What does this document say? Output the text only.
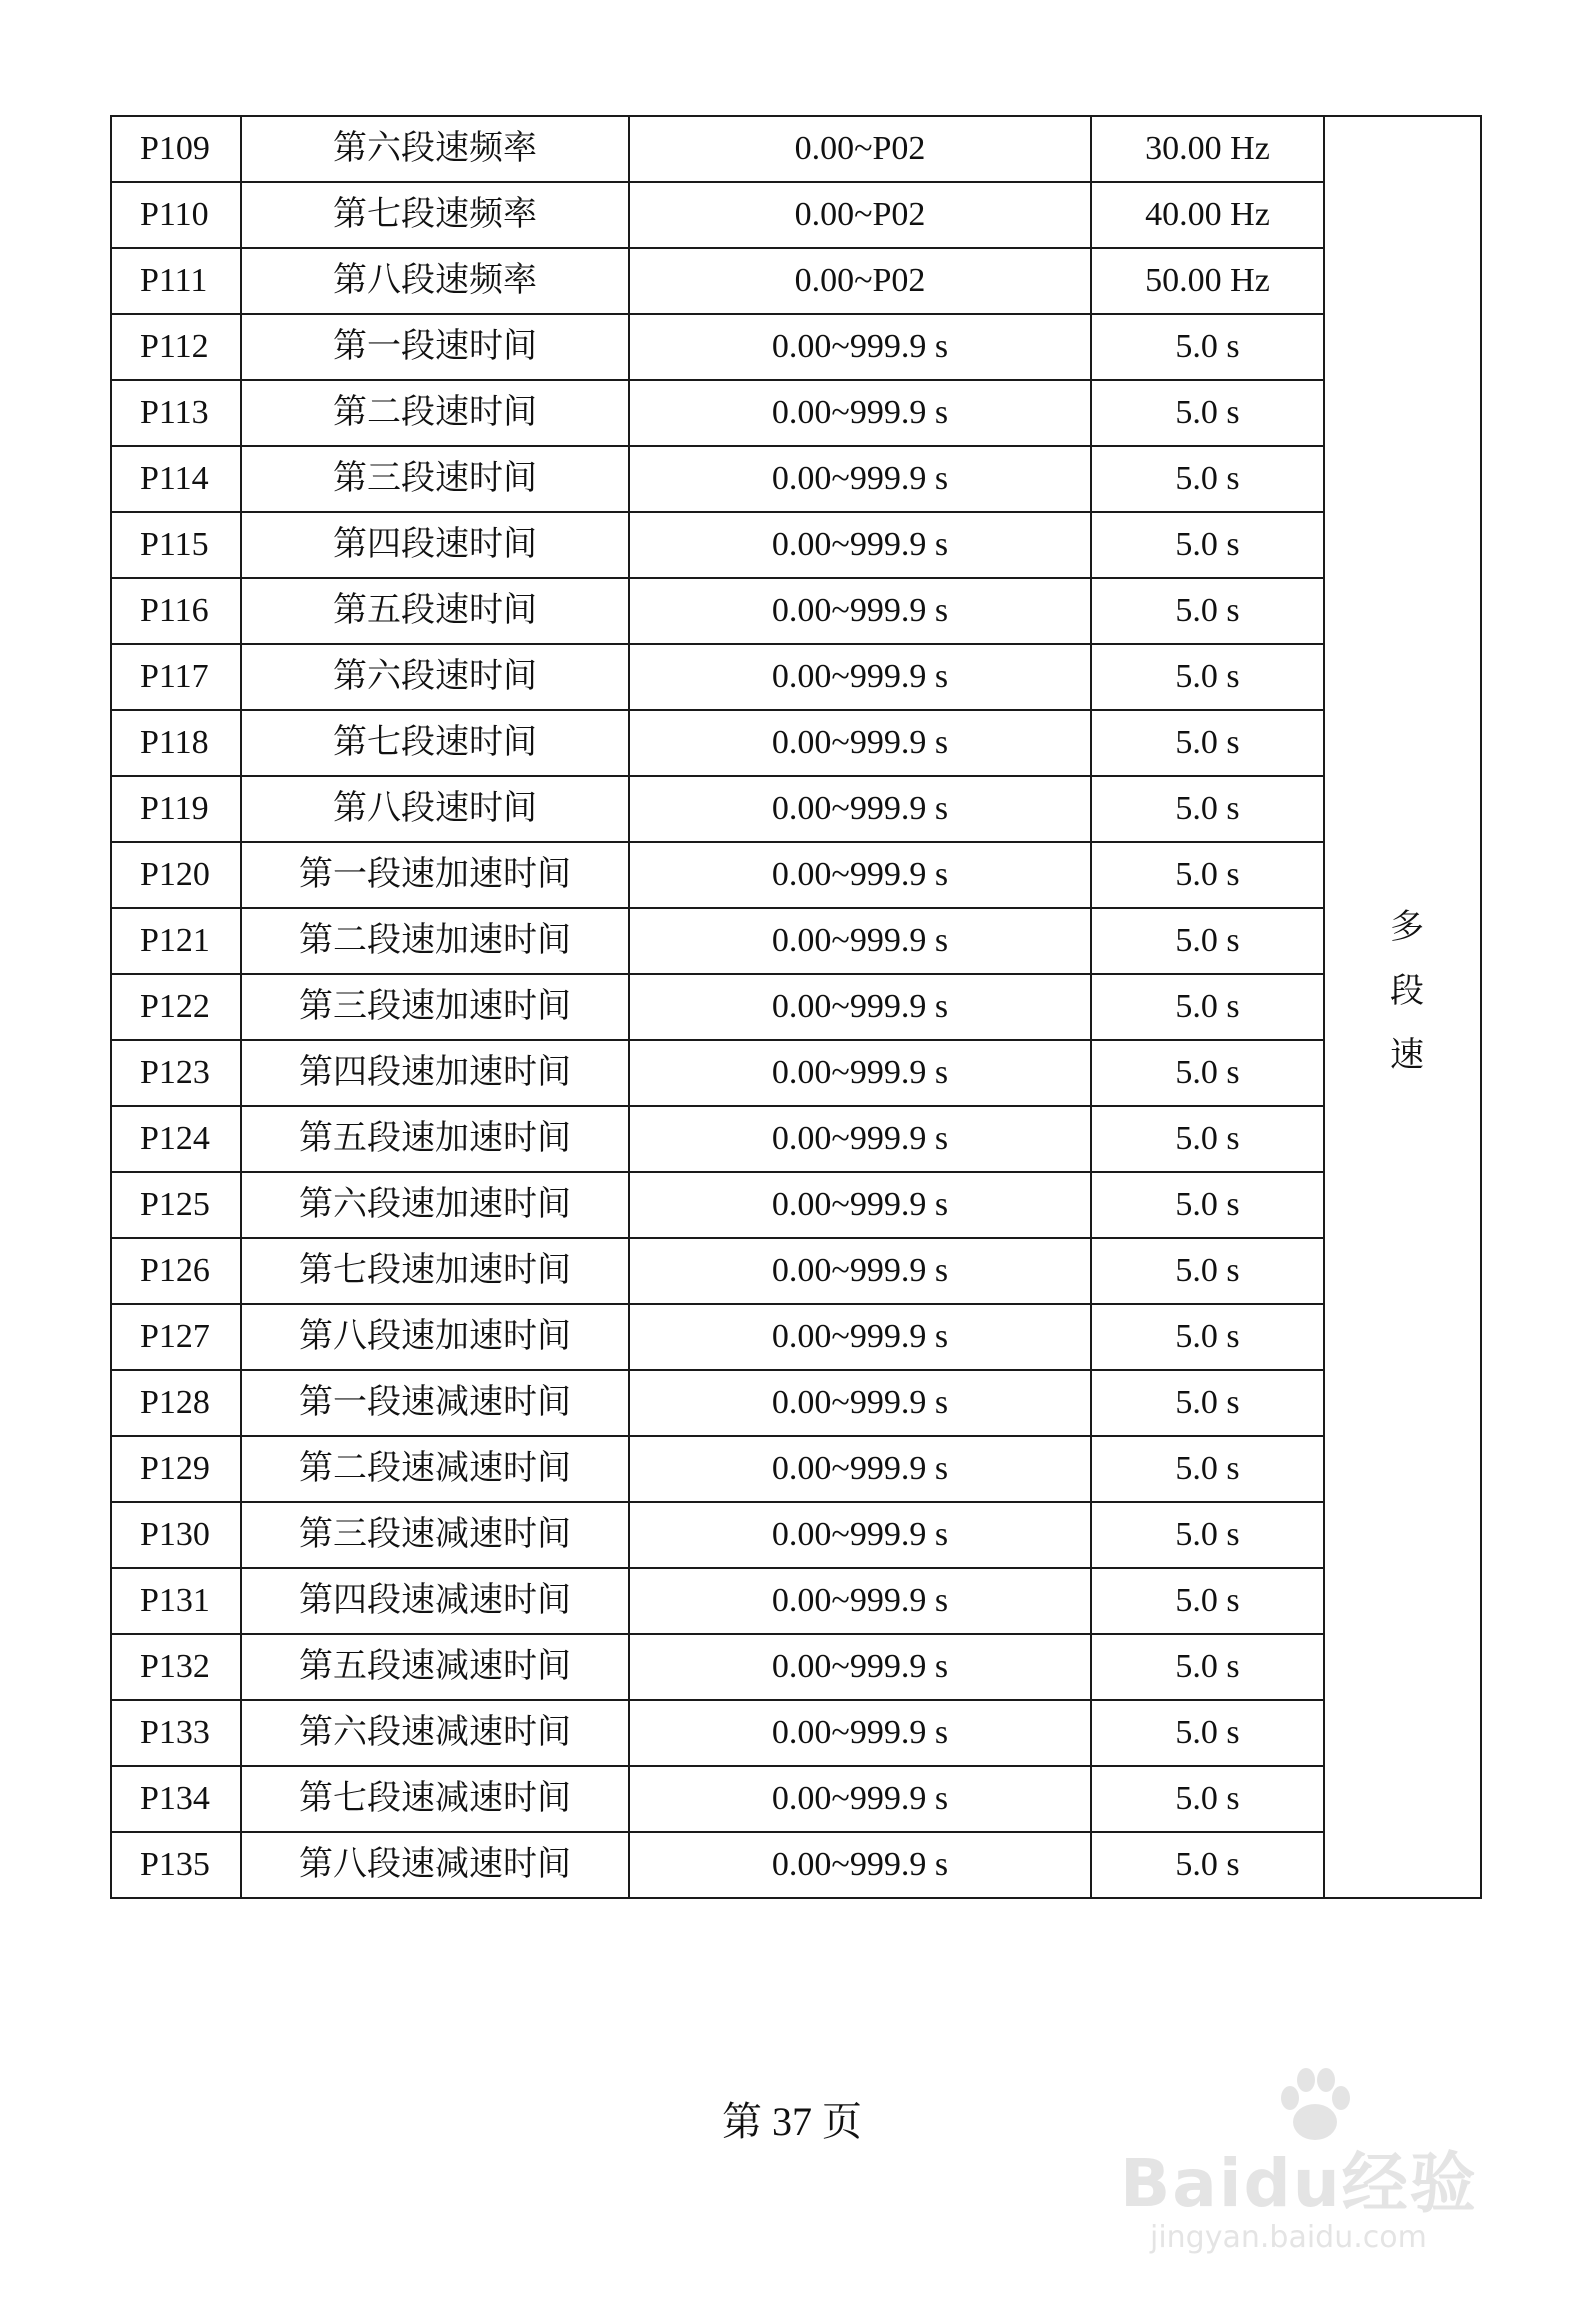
P109	第六段速频率	0.00~P02	30.00 Hz	多段速
P110	第七段速频率	0.00~P02	40.00 Hz	
P111	第八段速频率	0.00~P02	50.00 Hz	
P112	第一段速时间	0.00~999.9 s	5.0 s	
P113	第二段速时间	0.00~999.9 s	5.0 s	
P114	第三段速时间	0.00~999.9 s	5.0 s	
P115	第四段速时间	0.00~999.9 s	5.0 s	
P116	第五段速时间	0.00~999.9 s	5.0 s	
P117	第六段速时间	0.00~999.9 s	5.0 s	
P118	第七段速时间	0.00~999.9 s	5.0 s	
P119	第八段速时间	0.00~999.9 s	5.0 s	
P120	第一段速加速时间	0.00~999.9 s	5.0 s	
P121	第二段速加速时间	0.00~999.9 s	5.0 s	
P122	第三段速加速时间	0.00~999.9 s	5.0 s	
P123	第四段速加速时间	0.00~999.9 s	5.0 s	
P124	第五段速加速时间	0.00~999.9 s	5.0 s	
P125	第六段速加速时间	0.00~999.9 s	5.0 s	
P126	第七段速加速时间	0.00~999.9 s	5.0 s	
P127	第八段速加速时间	0.00~999.9 s	5.0 s	
P128	第一段速减速时间	0.00~999.9 s	5.0 s	
P129	第二段速减速时间	0.00~999.9 s	5.0 s	
P130	第三段速减速时间	0.00~999.9 s	5.0 s	
P131	第四段速减速时间	0.00~999.9 s	5.0 s	
P132	第五段速减速时间	0.00~999.9 s	5.0 s	
P133	第六段速减速时间	0.00~999.9 s	5.0 s	
P134	第七段速减速时间	0.00~999.9 s	5.0 s	
P135	第八段速减速时间	0.00~999.9 s	5.0 s	
第 37 页
Baidu经验
jingyan.baidu.com
